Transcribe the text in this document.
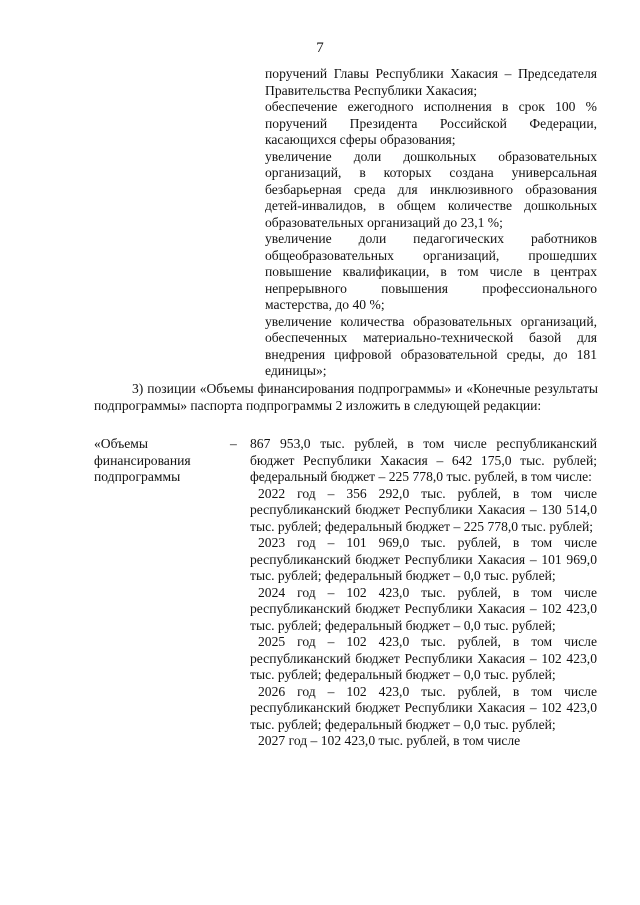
7

поручений Главы Республики Хакасия – Председателя Правительства Республики Хакасия;

обеспечение ежегодного исполнения в срок 100 % поручений Президента Российской Федерации, касающихся сферы образования;

увеличение доли дошкольных образовательных организаций, в которых создана универсальная безбарьерная среда для инклюзивного образования детей-инвалидов, в общем количестве дошкольных образовательных организаций до 23,1 %;

увеличение доли педагогических работников общеобразовательных организаций, прошедших повышение квалификации, в том числе в центрах непрерывного повышения профессионального мастерства, до 40 %;

увеличение количества образовательных организаций, обеспеченных материально-технической базой для внедрения цифровой образовательной среды, до 181 единицы»;

3) позиции «Объемы финансирования подпрограммы» и «Конечные результаты подпрограммы» паспорта подпрограммы 2 изложить в следующей редакции:

«Объемы финансирования подпрограммы

– 867 953,0 тыс. рублей, в том числе республиканский бюджет Республики Хакасия – 642 175,0 тыс. рублей; федеральный бюджет – 225 778,0 тыс. рублей, в том числе:

2022 год – 356 292,0 тыс. рублей, в том числе республиканский бюджет Республики Хакасия – 130 514,0 тыс. рублей; федеральный бюджет – 225 778,0 тыс. рублей;

2023 год – 101 969,0 тыс. рублей, в том числе республиканский бюджет Республики Хакасия – 101 969,0 тыс. рублей; федеральный бюджет – 0,0 тыс. рублей;

2024 год – 102 423,0 тыс. рублей, в том числе республиканский бюджет Республики Хакасия – 102 423,0 тыс. рублей; федеральный бюджет – 0,0 тыс. рублей;

2025 год – 102 423,0 тыс. рублей, в том числе республиканский бюджет Республики Хакасия – 102 423,0 тыс. рублей; федеральный бюджет – 0,0 тыс. рублей;

2026 год – 102 423,0 тыс. рублей, в том числе республиканский бюджет Республики Хакасия – 102 423,0 тыс. рублей; федеральный бюджет – 0,0 тыс. рублей;

2027 год – 102 423,0 тыс. рублей, в том числе
